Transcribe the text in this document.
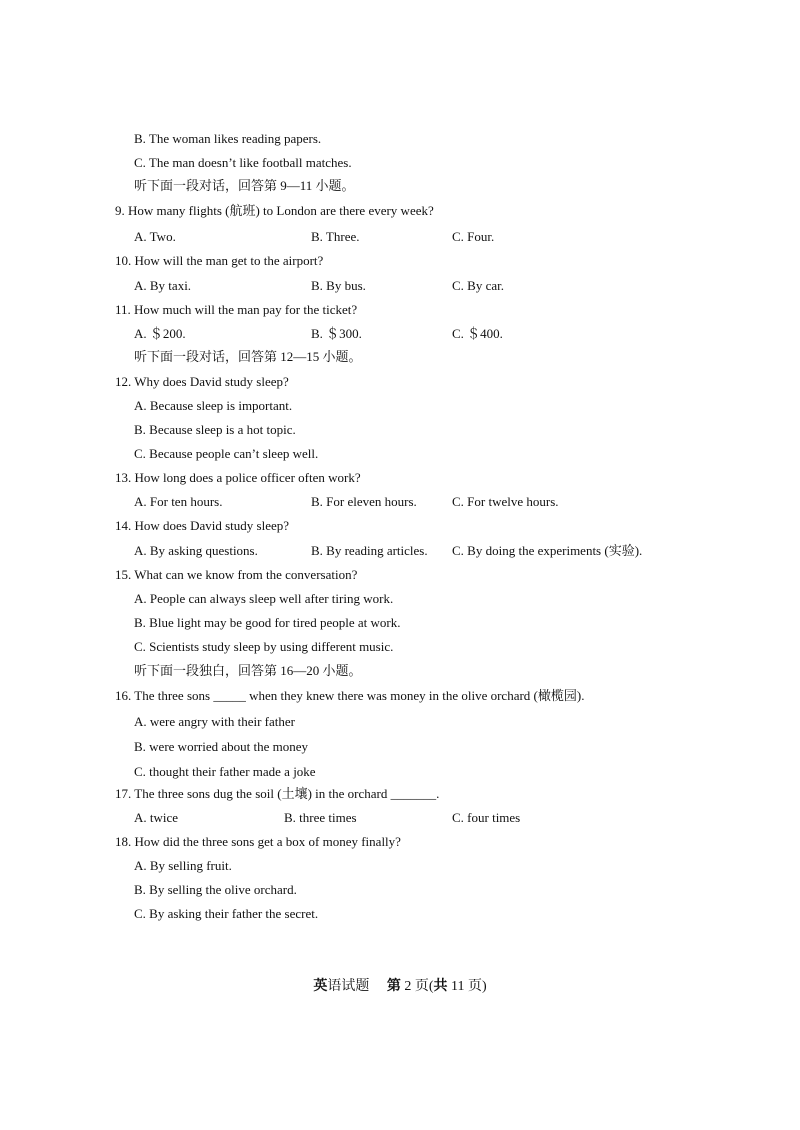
B. The woman likes reading papers.
C. The man doesn’t like football matches.
听下面一段对话，回答第 9—11 小题。
9. How many flights (航班) to London are there every week?
A. Two.	B. Three.	C. Four.
10. How will the man get to the airport?
A. By taxi.	B. By bus.	C. By car.
11. How much will the man pay for the ticket?
A. ＄200.	B. ＄300.	C. ＄400.
听下面一段对话，回答第 12—15 小题。
12. Why does David study sleep?
A. Because sleep is important.
B. Because sleep is a hot topic.
C. Because people can’t sleep well.
13. How long does a police officer often work?
A. For ten hours.	B. For eleven hours.	C. For twelve hours.
14. How does David study sleep?
A. By asking questions.	B. By reading articles. C. By doing the experiments (实验).
15. What can we know from the conversation?
A. People can always sleep well after tiring work.
B. Blue light may be good for tired people at work.
C. Scientists study sleep by using different music.
听下面一段独白，回答第 16—20 小题。
16. The three sons _____ when they knew there was money in the olive orchard (橄榄园).
A. were angry with their father
B. were worried about the money
C. thought their father made a joke
17. The three sons dug the soil (土壤) in the orchard _______.
A. twice	B. three times	C. four times
18. How did the three sons get a box of money finally?
A. By selling fruit.
B. By selling the olive orchard.
C. By asking their father the secret.
英语试题 第 2 页(共 11 页)
